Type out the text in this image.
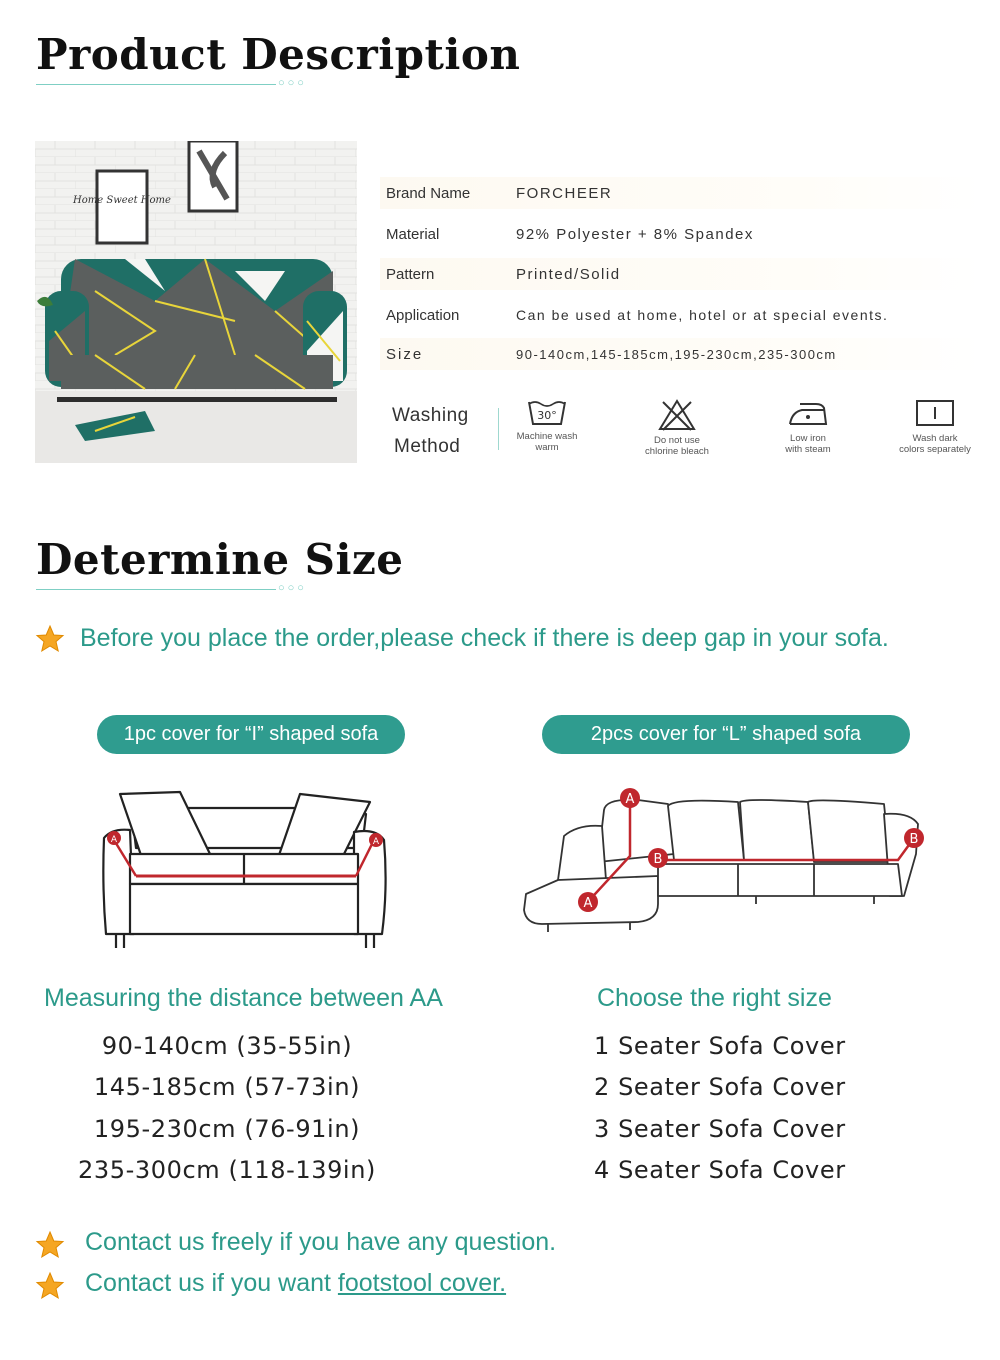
Product Description
○○○
Home Sweet Home	Brand Name	FORCHEER
Material	92% Polyester + 8% Spandex
Pattern	Printed/Solid
Application	Can be used at home, hotel or at special events.
Size	90-140cm,145-185cm,195-230cm,235-300cm
Washing
Method
30°
Machine wash
warm
Do not use
chlorine bleach
Low iron
with steam
Wash dark
colors separately
Determine Size
○○○
Before you place the order,please check if there is deep gap in your sofa.
1pc cover for “I” shaped sofa	2pcs cover for “L” shaped sofa
A	A
A
A
B
B
Measuring the distance between AA	Choose the right size
90-140cm (35-55in)
145-185cm (57-73in)
195-230cm (76-91in)
235-300cm (118-139in)
1 Seater Sofa Cover
2 Seater Sofa Cover
3 Seater Sofa Cover
4 Seater Sofa Cover
Contact us freely if you have any question.
Contact us if you want footstool cover.
